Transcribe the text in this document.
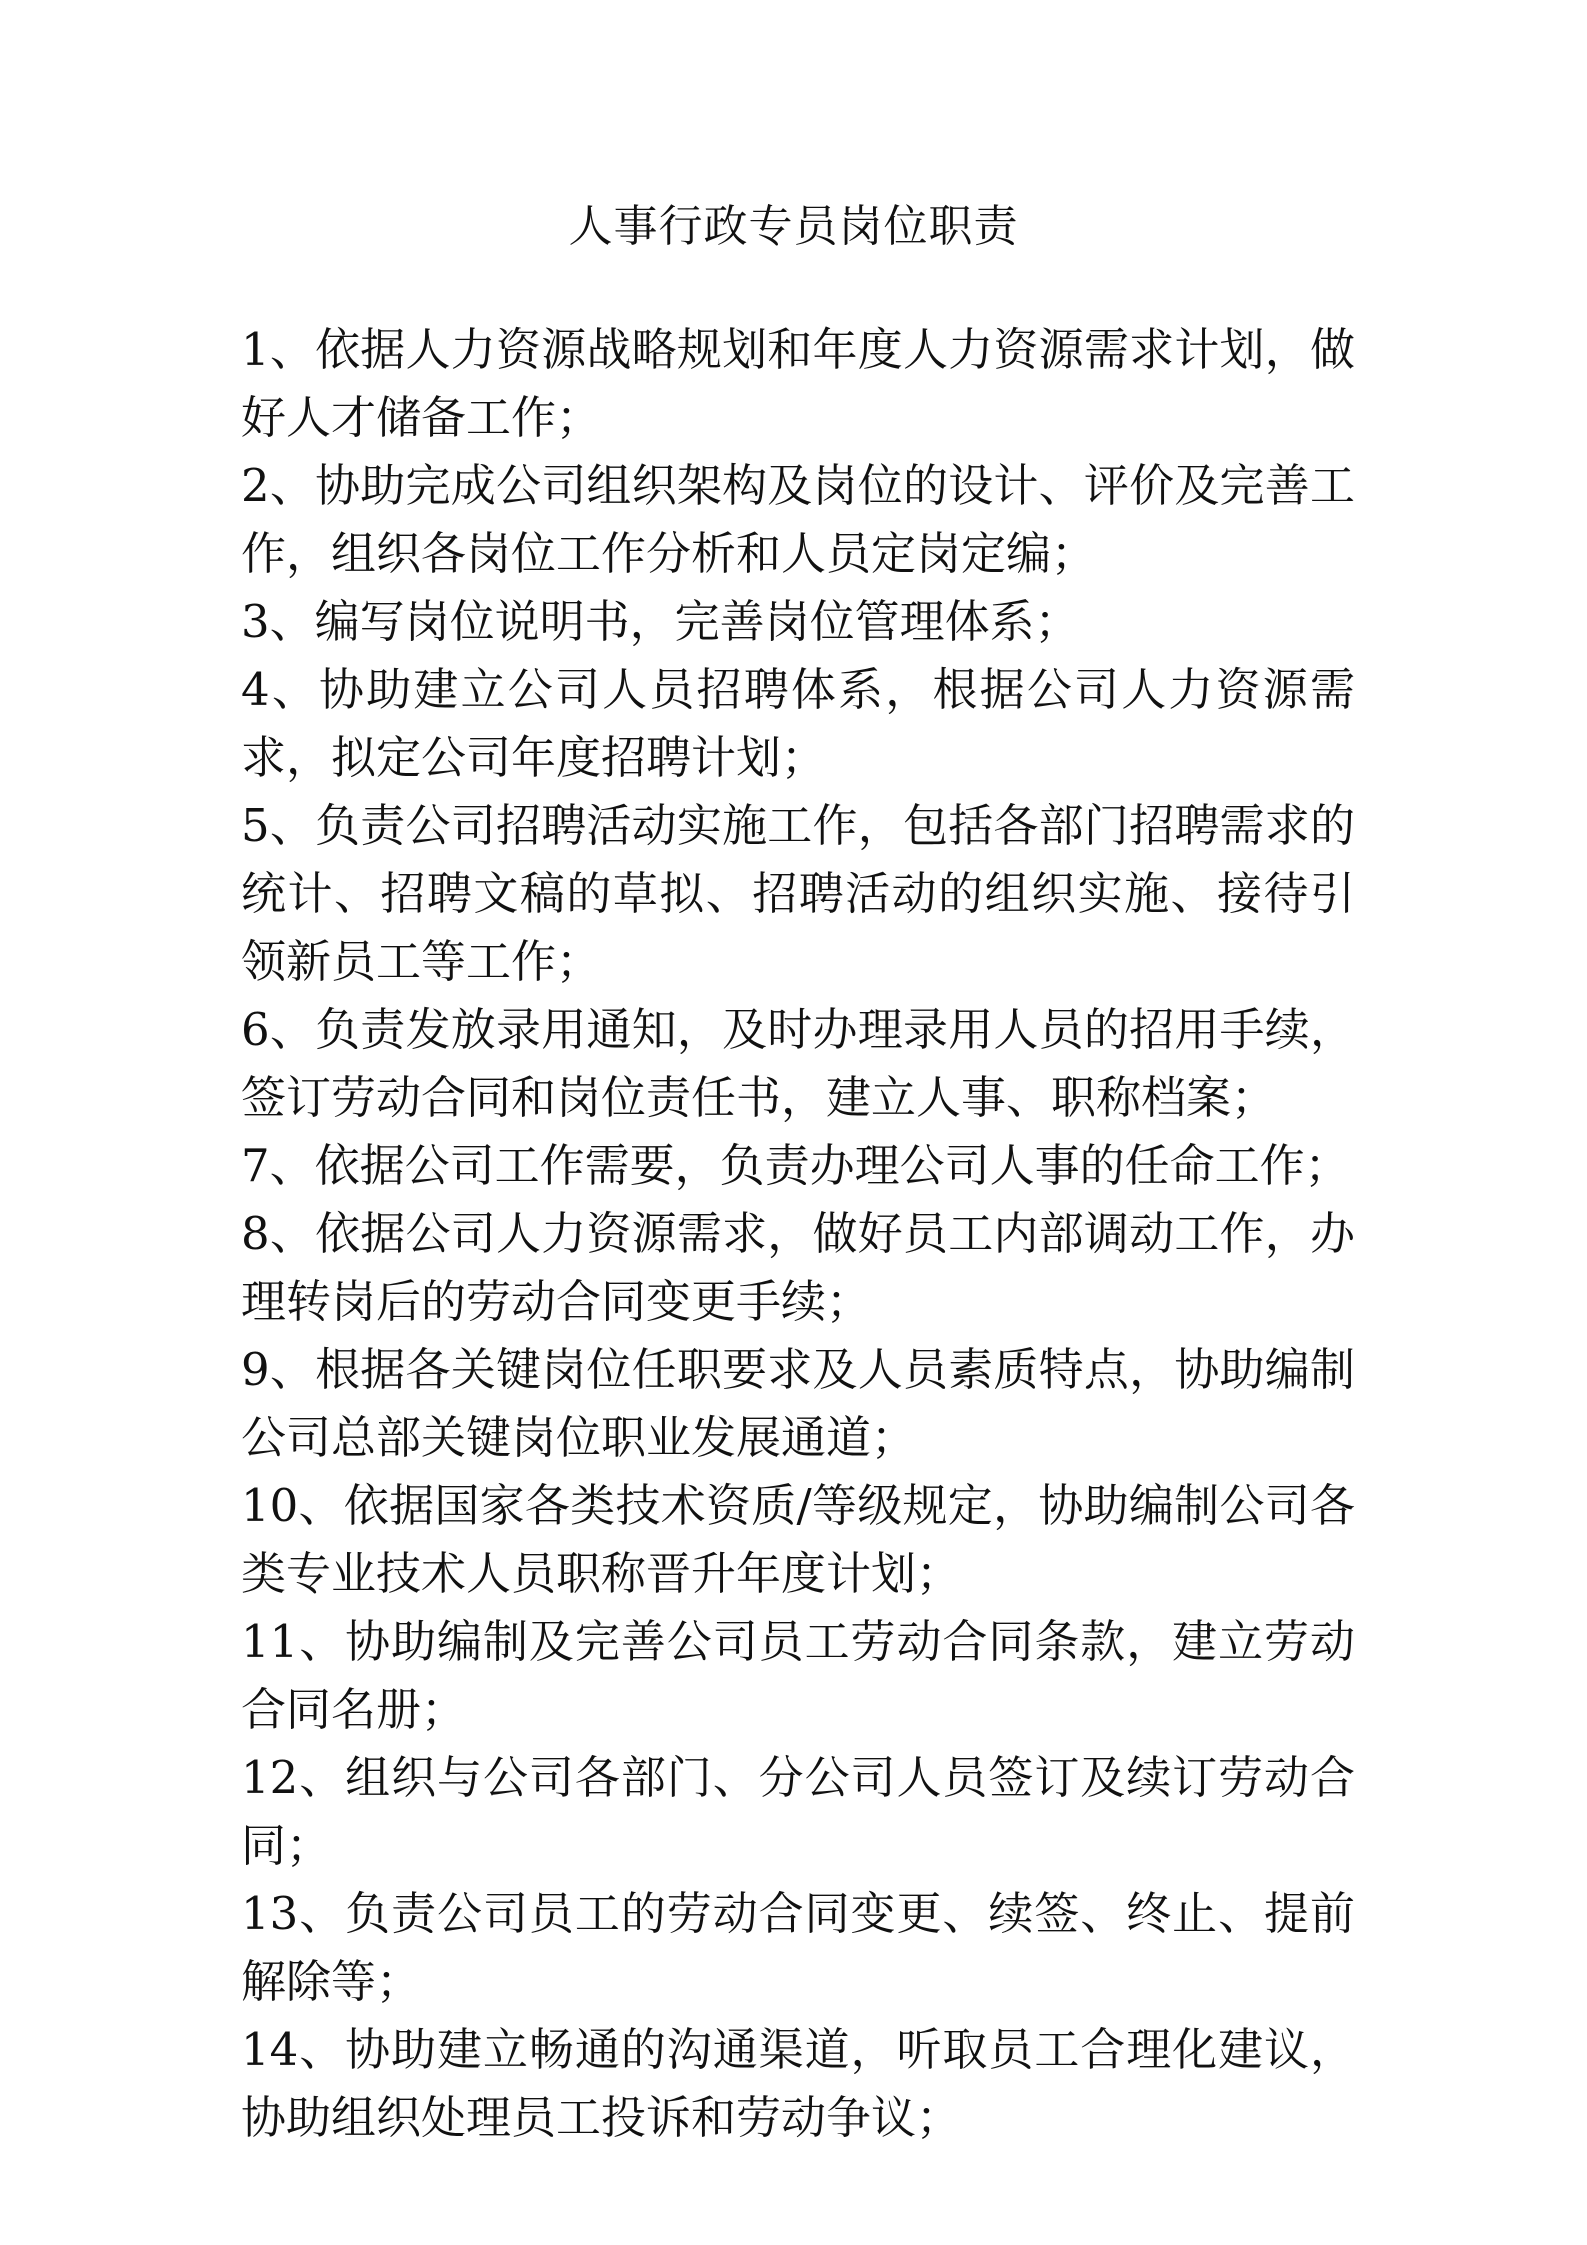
人事行政专员岗位职责
1、依据人力资源战略规划和年度人力资源需求计划，做好人才储备工作；
2、协助完成公司组织架构及岗位的设计、评价及完善工作，组织各岗位工作分析和人员定岗定编；
3、编写岗位说明书，完善岗位管理体系；
4、协助建立公司人员招聘体系，根据公司人力资源需求，拟定公司年度招聘计划；
5、负责公司招聘活动实施工作，包括各部门招聘需求的统计、招聘文稿的草拟、招聘活动的组织实施、接待引领新员工等工作；
6、负责发放录用通知，及时办理录用人员的招用手续，签订劳动合同和岗位责任书，建立人事、职称档案；
7、依据公司工作需要，负责办理公司人事的任命工作；
8、依据公司人力资源需求，做好员工内部调动工作，办理转岗后的劳动合同变更手续；
9、根据各关键岗位任职要求及人员素质特点，协助编制公司总部关键岗位职业发展通道；
10、依据国家各类技术资质/等级规定，协助编制公司各类专业技术人员职称晋升年度计划；
11、协助编制及完善公司员工劳动合同条款，建立劳动合同名册；
12、组织与公司各部门、分公司人员签订及续订劳动合同；
13、负责公司员工的劳动合同变更、续签、终止、提前解除等；
14、协助建立畅通的沟通渠道，听取员工合理化建议，协助组织处理员工投诉和劳动争议；
